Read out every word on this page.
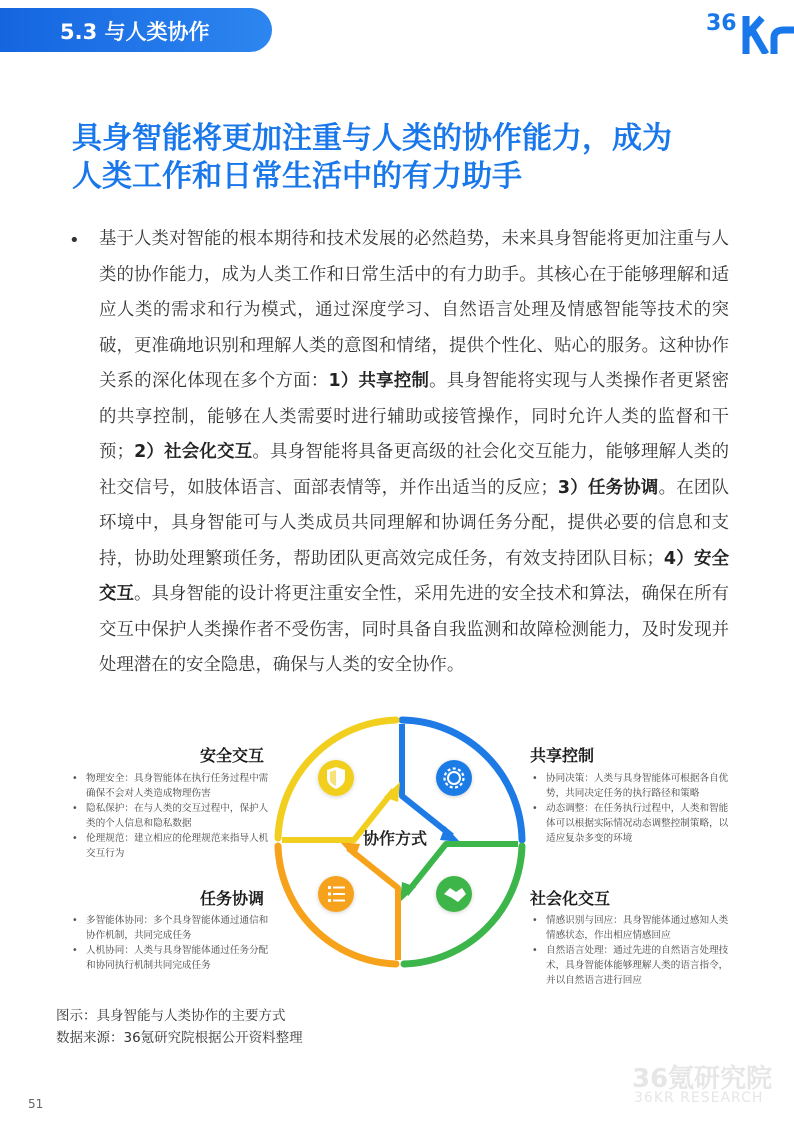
5.3 与人类协作	36
具身智能将更加注重与人类的协作能力，成为
人类工作和日常生活中的有力助手
• 基于人类对智能的根本期待和技术发展的必然趋势，未来具身智能将更加注重与人类的协作能力，成为人类工作和日常生活中的有力助手。其核心在于能够理解和适应人类的需求和行为模式，通过深度学习、自然语言处理及情感智能等技术的突破，更准确地识别和理解人类的意图和情绪，提供个性化、贴心的服务。这种协作关系的深化体现在多个方面：1）共享控制。具身智能将实现与人类操作者更紧密的共享控制，能够在人类需要时进行辅助或接管操作，同时允许人类的监督和干预；2）社会化交互。具身智能将具备更高级的社会化交互能力，能够理解人类的社交信号，如肢体语言、面部表情等，并作出适当的反应；3）任务协调。在团队环境中，具身智能可与人类成员共同理解和协调任务分配，提供必要的信息和支持，协助处理繁琐任务，帮助团队更高效完成任务，有效支持团队目标；4）安全交互。具身智能的设计将更注重安全性，采用先进的安全技术和算法，确保在所有交互中保护人类操作者不受伤害，同时具备自我监测和故障检测能力，及时发现并处理潜在的安全隐患，确保与人类的安全协作。
协作方式
安全交互
• 物理安全：具身智能体在执行任务过程中需确保不会对人类造成物理伤害
• 隐私保护：在与人类的交互过程中，保护人类的个人信息和隐私数据
• 伦理规范：建立相应的伦理规范来指导人机交互行为
共享控制
• 协同决策：人类与具身智能体可根据各自优势，共同决定任务的执行路径和策略
• 动态调整：在任务执行过程中，人类和智能体可以根据实际情况动态调整控制策略，以适应复杂多变的环境
任务协调
• 多智能体协同：多个具身智能体通过通信和协作机制，共同完成任务
• 人机协同：人类与具身智能体通过任务分配和协同执行机制共同完成任务
社会化交互
• 情感识别与回应：具身智能体通过感知人类情感状态，作出相应情感回应
• 自然语言处理：通过先进的自然语言处理技术，具身智能体能够理解人类的语言指令，并以自然语言进行回应
图示：具身智能与人类协作的主要方式
数据来源：36氪研究院根据公开资料整理
36氪研究院
36KR RESEARCH
51
